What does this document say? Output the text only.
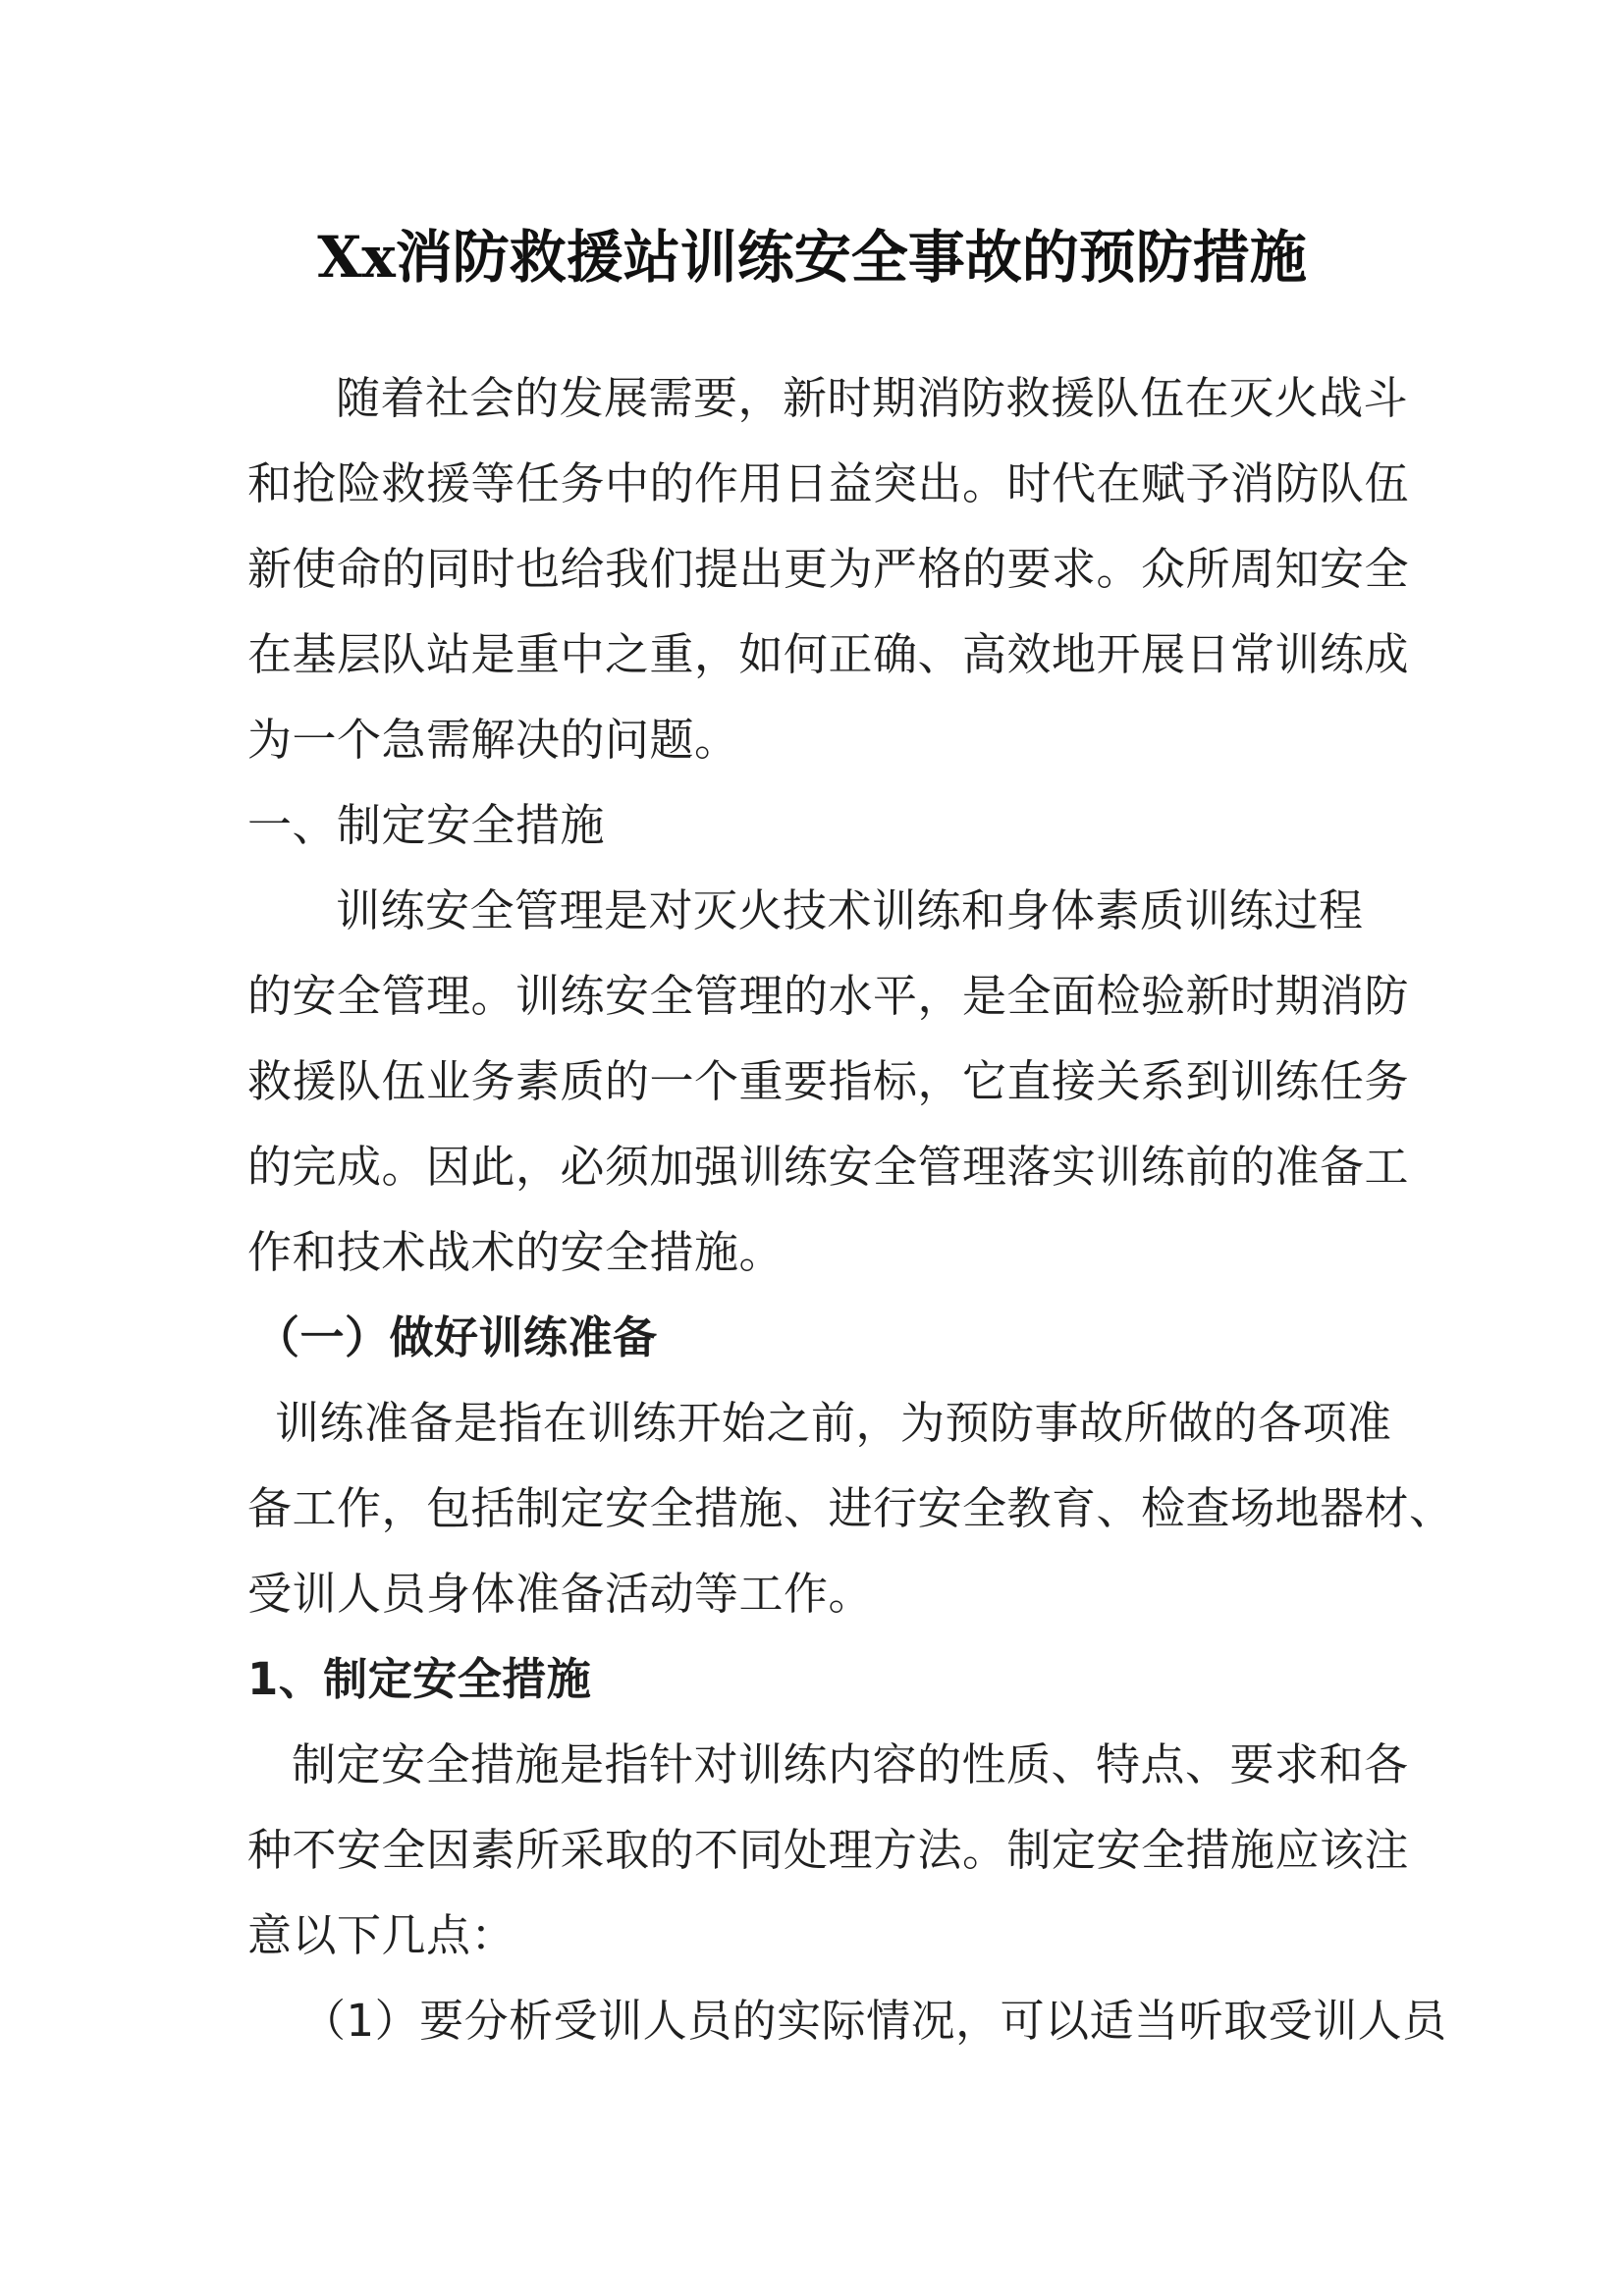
Xx消防救援站训练安全事故的预防措施
随着社会的发展需要，新时期消防救援队伍在灭火战斗
和抢险救援等任务中的作用日益突出。时代在赋予消防队伍
新使命的同时也给我们提出更为严格的要求。众所周知安全
在基层队站是重中之重，如何正确、高效地开展日常训练成
为一个急需解决的问题。
一、制定安全措施
训练安全管理是对灭火技术训练和身体素质训练过程
的安全管理。训练安全管理的水平，是全面检验新时期消防
救援队伍业务素质的一个重要指标，它直接关系到训练任务
的完成。因此，必须加强训练安全管理落实训练前的准备工
作和技术战术的安全措施。
（一）做好训练准备
训练准备是指在训练开始之前，为预防事故所做的各项准
备工作，包括制定安全措施、进行安全教育、检查场地器材、
受训人员身体准备活动等工作。
1、制定安全措施
制定安全措施是指针对训练内容的性质、特点、要求和各
种不安全因素所采取的不同处理方法。制定安全措施应该注
意以下几点：
（1）要分析受训人员的实际情况，可以适当听取受训人员
